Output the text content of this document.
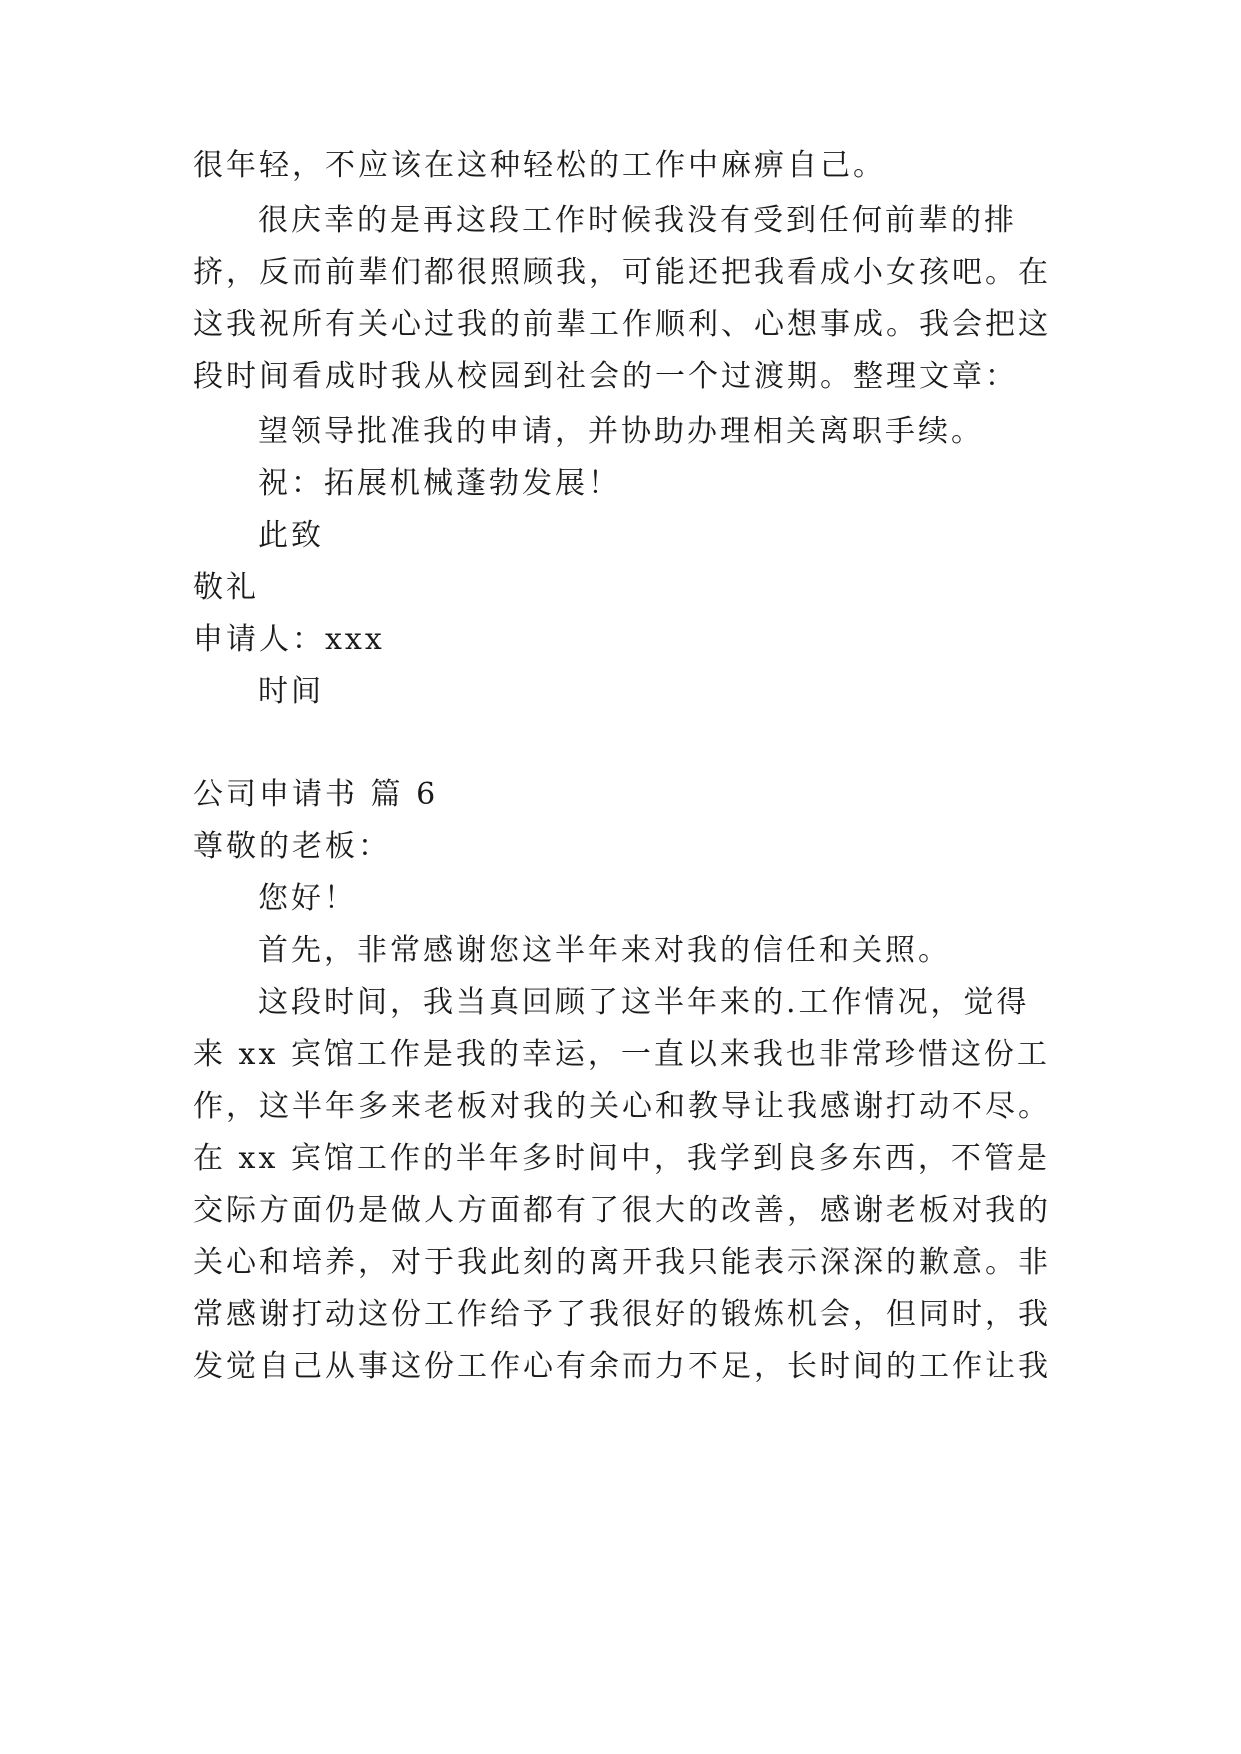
很年轻，不应该在这种轻松的工作中麻痹自己。
很庆幸的是再这段工作时候我没有受到任何前辈的排
挤，反而前辈们都很照顾我，可能还把我看成小女孩吧。在
这我祝所有关心过我的前辈工作顺利、心想事成。我会把这
段时间看成时我从校园到社会的一个过渡期。整理文章：
望领导批准我的申请，并协助办理相关离职手续。
祝：拓展机械蓬勃发展！
此致
敬礼
申请人：xxx
时间
公司申请书 篇 6
尊敬的老板：
您好！
首先，非常感谢您这半年来对我的信任和关照。
这段时间，我当真回顾了这半年来的.工作情况，觉得
来 xx 宾馆工作是我的幸运，一直以来我也非常珍惜这份工
作，这半年多来老板对我的关心和教导让我感谢打动不尽。
在 xx 宾馆工作的半年多时间中，我学到良多东西，不管是
交际方面仍是做人方面都有了很大的改善，感谢老板对我的
关心和培养，对于我此刻的离开我只能表示深深的歉意。非
常感谢打动这份工作给予了我很好的锻炼机会，但同时，我
发觉自己从事这份工作心有余而力不足，长时间的工作让我
